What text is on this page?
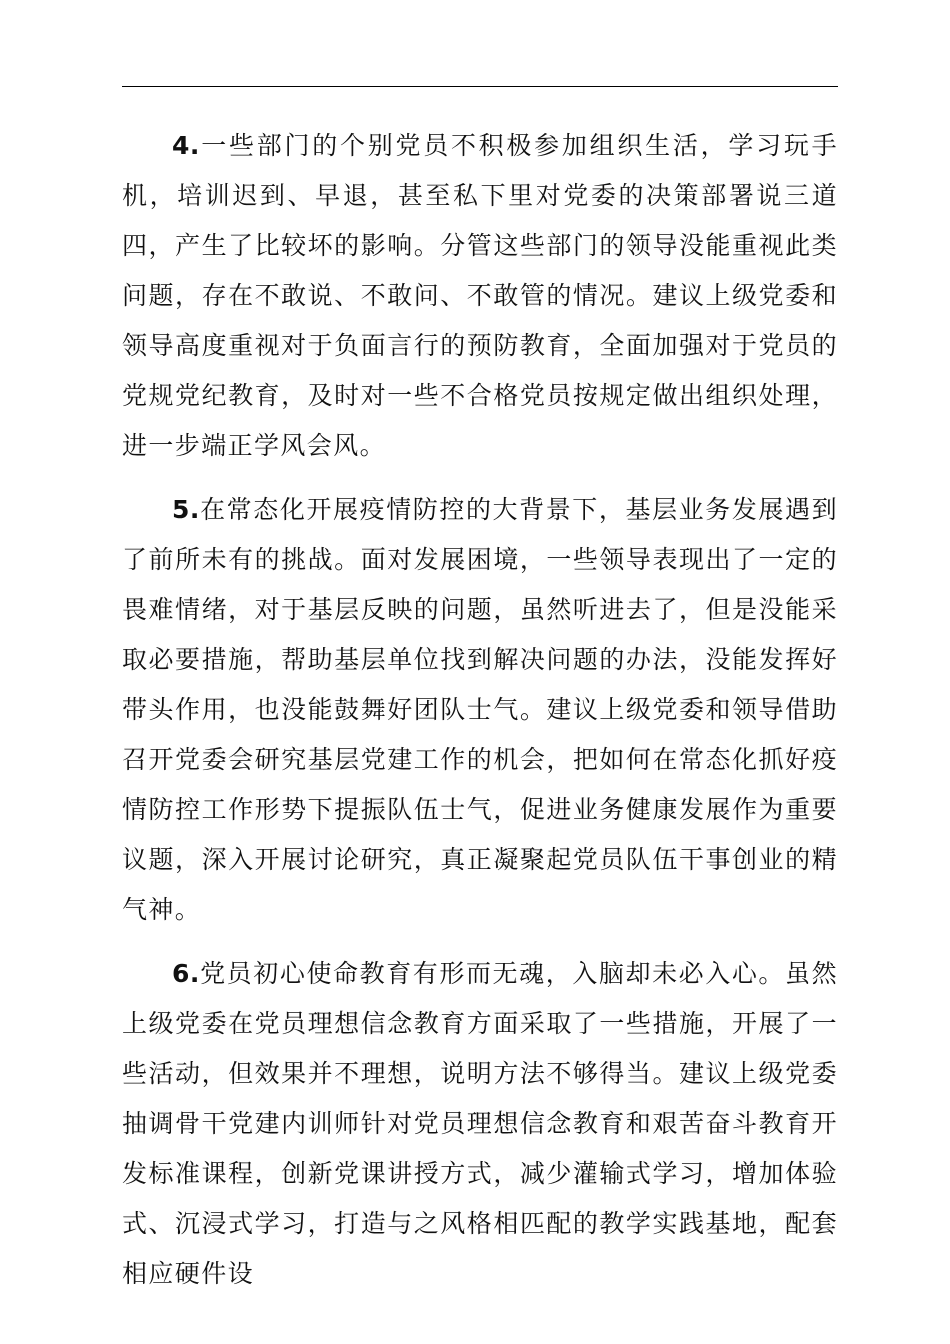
4.一些部门的个别党员不积极参加组织生活，学习玩手机，培训迟到、早退，甚至私下里对党委的决策部署说三道四，产生了比较坏的影响。分管这些部门的领导没能重视此类问题，存在不敢说、不敢问、不敢管的情况。建议上级党委和领导高度重视对于负面言行的预防教育，全面加强对于党员的党规党纪教育，及时对一些不合格党员按规定做出组织处理，进一步端正学风会风。

5.在常态化开展疫情防控的大背景下，基层业务发展遇到了前所未有的挑战。面对发展困境，一些领导表现出了一定的畏难情绪，对于基层反映的问题，虽然听进去了，但是没能采取必要措施，帮助基层单位找到解决问题的办法，没能发挥好带头作用，也没能鼓舞好团队士气。建议上级党委和领导借助召开党委会研究基层党建工作的机会，把如何在常态化抓好疫情防控工作形势下提振队伍士气，促进业务健康发展作为重要议题，深入开展讨论研究，真正凝聚起党员队伍干事创业的精气神。

6.党员初心使命教育有形而无魂，入脑却未必入心。虽然上级党委在党员理想信念教育方面采取了一些措施，开展了一些活动，但效果并不理想，说明方法不够得当。建议上级党委抽调骨干党建内训师针对党员理想信念教育和艰苦奋斗教育开发标准课程，创新党课讲授方式，减少灌输式学习，增加体验式、沉浸式学习，打造与之风格相匹配的教学实践基地，配套相应硬件设
